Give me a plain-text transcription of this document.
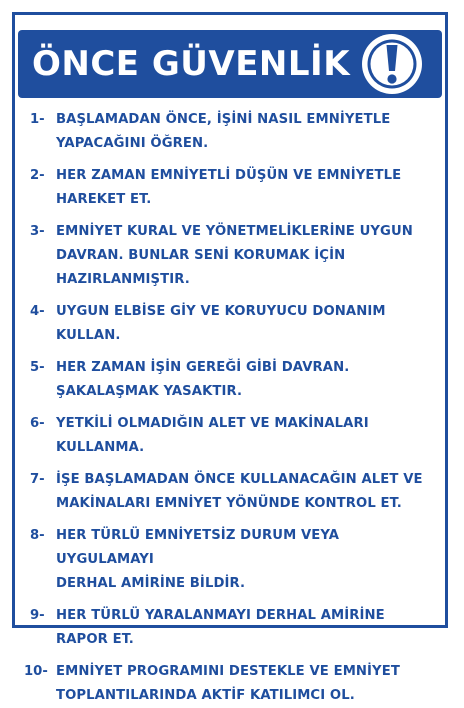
ÖNCE GÜVENLİK
1- BAŞLAMADAN ÖNCE, İŞİNİ NASIL EMNİYETLE
YAPACAĞINI ÖĞREN.
2- HER ZAMAN EMNİYETLİ DÜŞÜN VE EMNİYETLE
HAREKET ET.
3- EMNİYET KURAL VE YÖNETMELİKLERİNE UYGUN
DAVRAN. BUNLAR SENİ KORUMAK İÇİN
HAZIRLANMIŞTIR.
4- UYGUN ELBİSE GİY VE KORUYUCU DONANIM KULLAN.
5- HER ZAMAN İŞİN GEREĞİ GİBİ DAVRAN.
ŞAKALAŞMAK YASAKTIR.
6- YETKİLİ OLMADIĞIN ALET VE MAKİNALARI KULLANMA.
7- İŞE BAŞLAMADAN ÖNCE KULLANACAĞIN ALET VE
MAKİNALARI EMNİYET YÖNÜNDE KONTROL ET.
8- HER TÜRLÜ EMNİYETSİZ DURUM VEYA UYGULAMAYI
DERHAL AMİRİNE BİLDİR.
9- HER TÜRLÜ YARALANMAYI DERHAL AMİRİNE RAPOR ET.
10- EMNİYET PROGRAMINI DESTEKLE VE EMNİYET
TOPLANTILARINDA AKTİF KATILIMCI OL.
